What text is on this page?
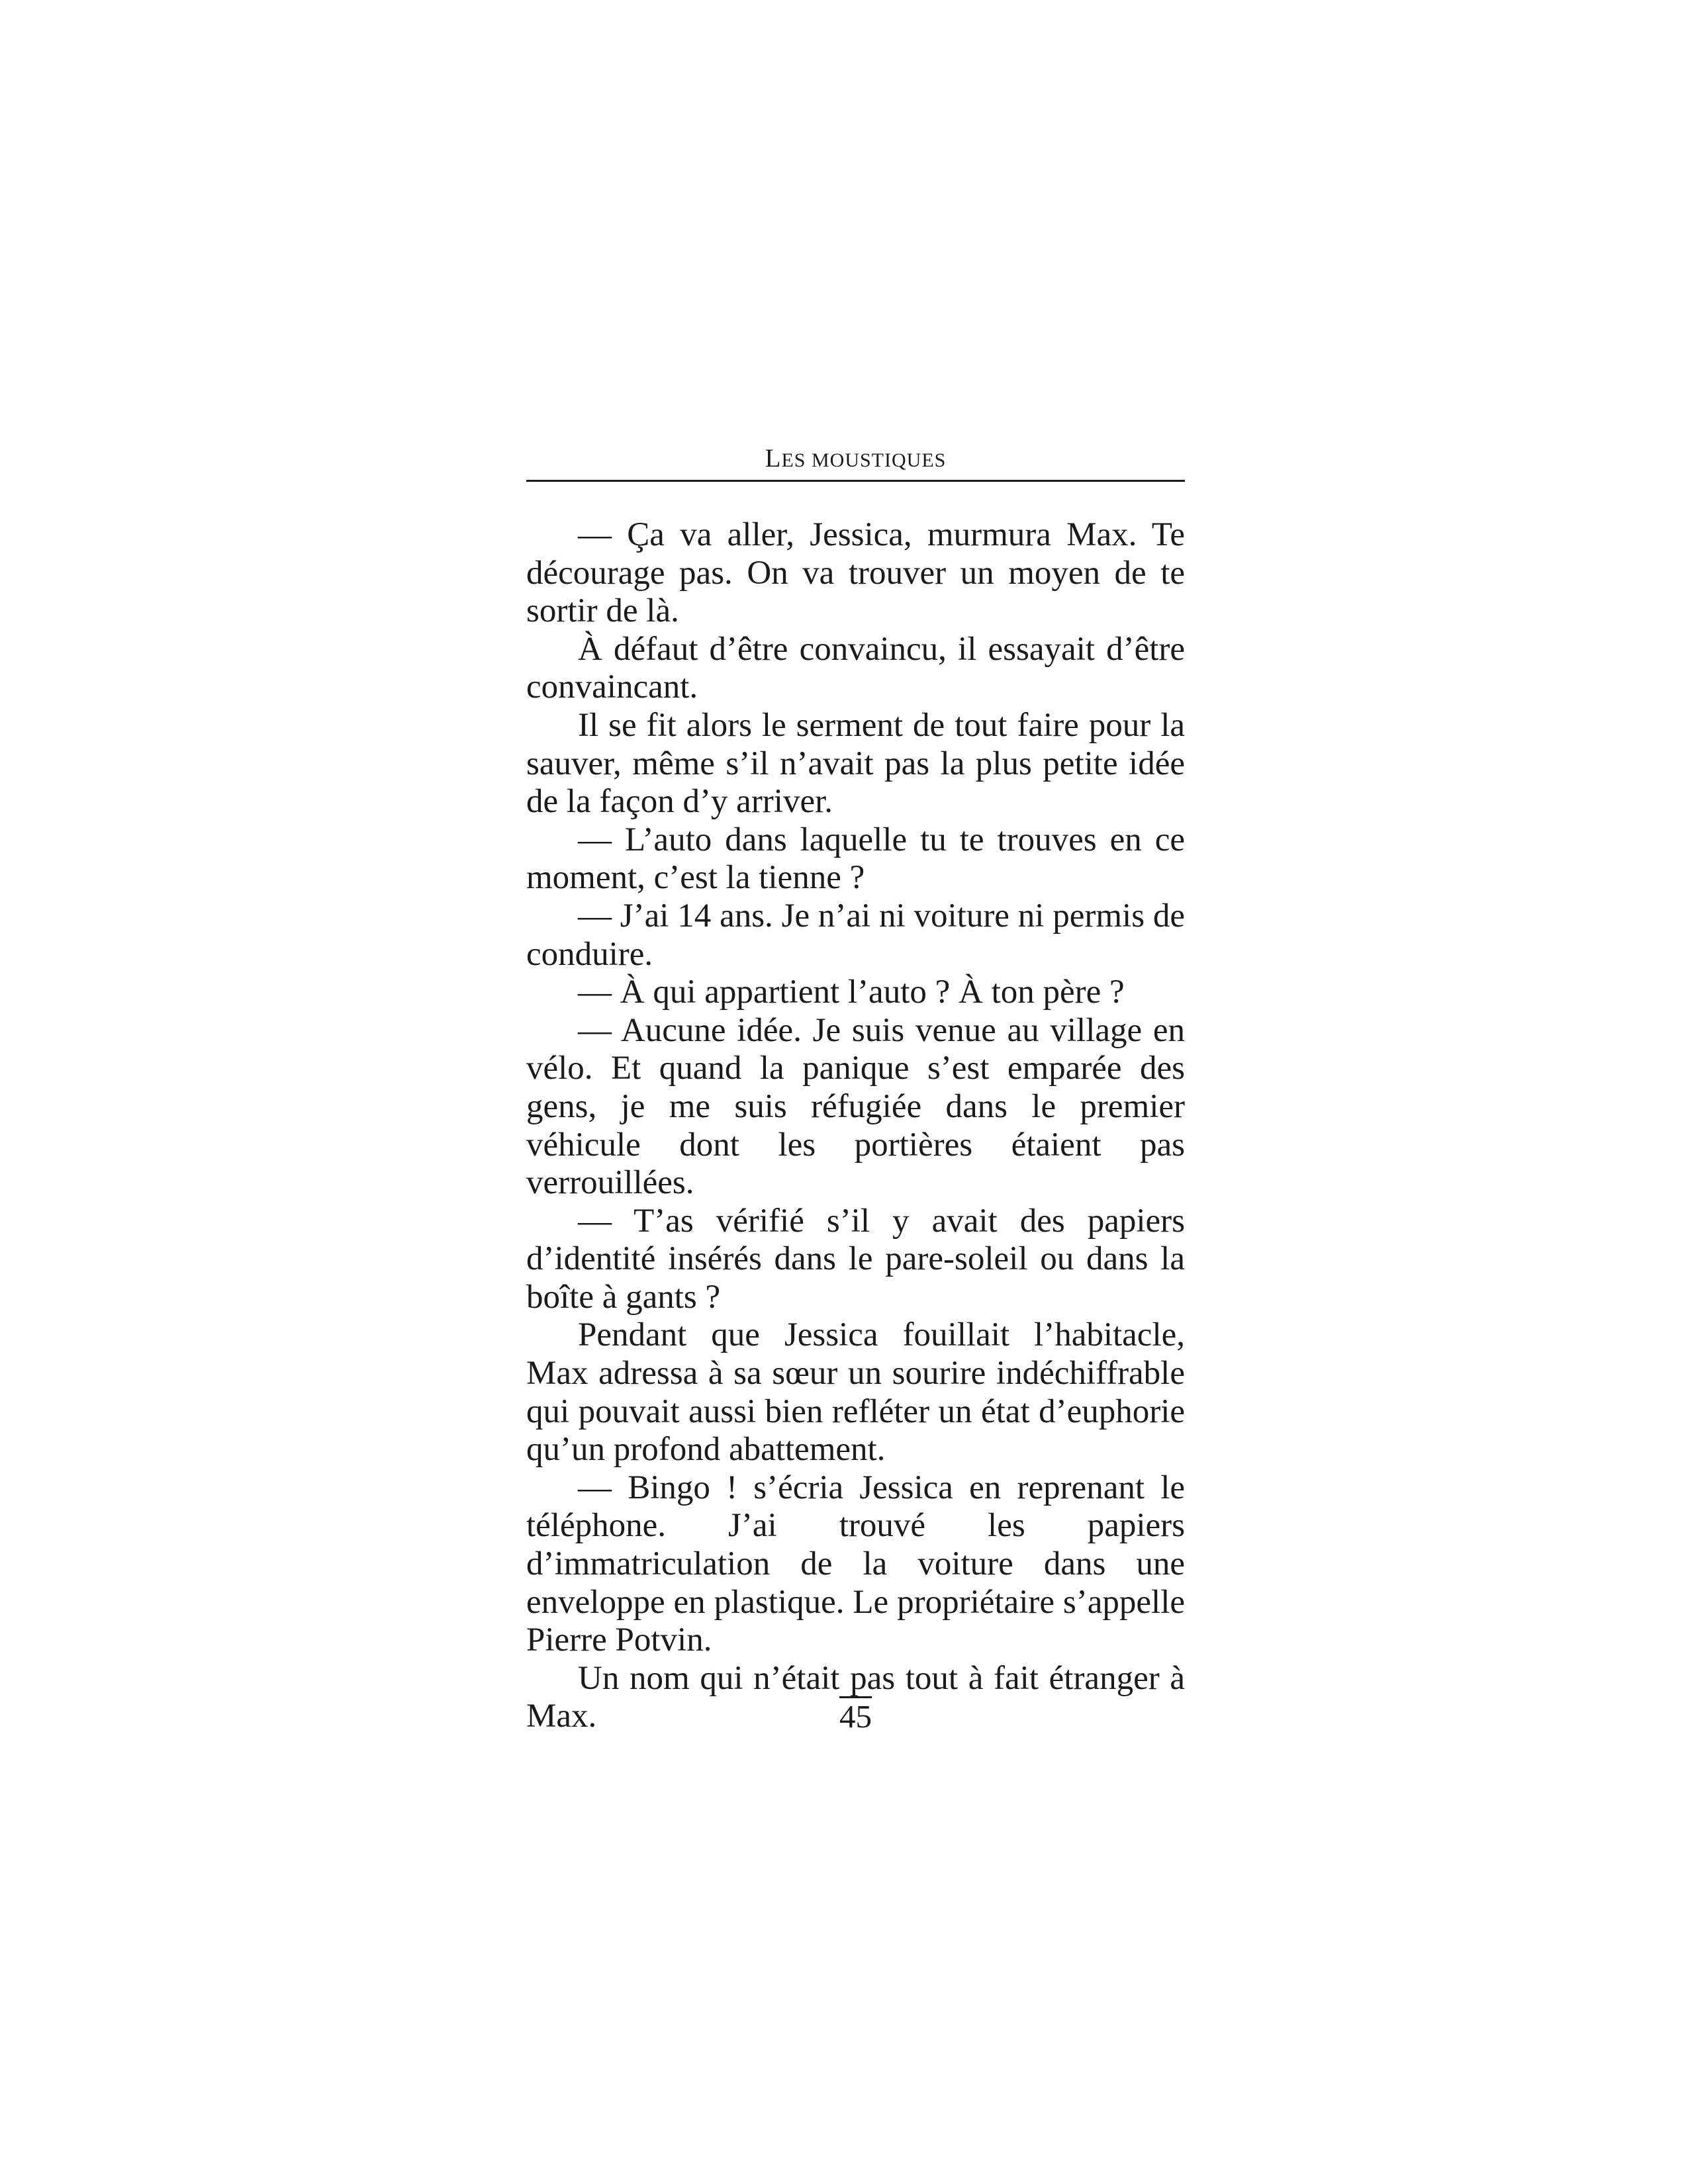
LES MOUSTIQUES

— Ça va aller, Jessica, murmura Max. Te décourage pas. On va trouver un moyen de te sortir de là.

À défaut d’être convaincu, il essayait d’être convaincant.

Il se fit alors le serment de tout faire pour la sauver, même s’il n’avait pas la plus petite idée de la façon d’y arriver.

— L’auto dans laquelle tu te trouves en ce moment, c’est la tienne ?

— J’ai 14 ans. Je n’ai ni voiture ni permis de conduire.

— À qui appartient l’auto ? À ton père ?

— Aucune idée. Je suis venue au village en vélo. Et quand la panique s’est emparée des gens, je me suis réfugiée dans le premier véhicule dont les portières étaient pas verrouillées.

— T’as vérifié s’il y avait des papiers d’identité insérés dans le pare-soleil ou dans la boîte à gants ?

Pendant que Jessica fouillait l’habitacle, Max adressa à sa sœur un sourire indéchiffrable qui pouvait aussi bien refléter un état d’euphorie qu’un profond abattement.

— Bingo ! s’écria Jessica en reprenant le téléphone. J’ai trouvé les papiers d’immatriculation de la voiture dans une enveloppe en plastique. Le propriétaire s’appelle Pierre Potvin.

Un nom qui n’était pas tout à fait étranger à Max.	45
